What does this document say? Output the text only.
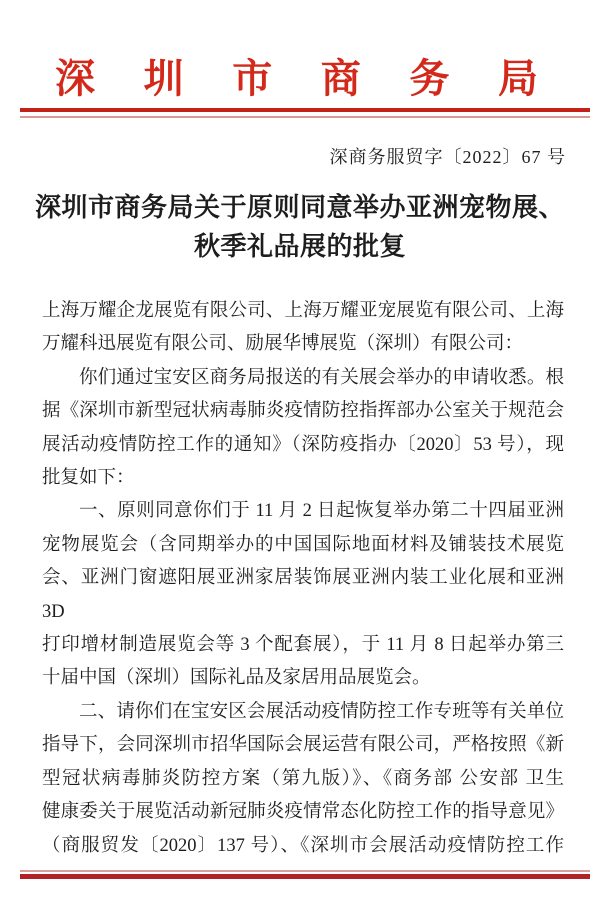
深圳市商务局
深商务服贸字〔2022〕67 号
深圳市商务局关于原则同意举办亚洲宠物展、
秋季礼品展的批复

上海万耀企龙展览有限公司、上海万耀亚宠展览有限公司、上海

万耀科迅展览有限公司、励展华博展览（深圳）有限公司：

你们通过宝安区商务局报送的有关展会举办的申请收悉。根

据《深圳市新型冠状病毒肺炎疫情防控指挥部办公室关于规范会

展活动疫情防控工作的通知》（深防疫指办〔2020〕53 号），现

批复如下：

一、原则同意你们于 11 月 2 日起恢复举办第二十四届亚洲

宠物展览会（含同期举办的中国国际地面材料及铺装技术展览

会、亚洲门窗遮阳展亚洲家居装饰展亚洲内装工业化展和亚洲 3D

打印增材制造展览会等 3 个配套展），于 11 月 8 日起举办第三

十届中国（深圳）国际礼品及家居用品展览会。

二、请你们在宝安区会展活动疫情防控工作专班等有关单位

指导下，会同深圳市招华国际会展运营有限公司，严格按照《新

型冠状病毒肺炎防控方案（第九版）》、《商务部 公安部 卫生

健康委关于展览活动新冠肺炎疫情常态化防控工作的指导意见》

（商服贸发〔2020〕137 号）、《深圳市会展活动疫情防控工作
